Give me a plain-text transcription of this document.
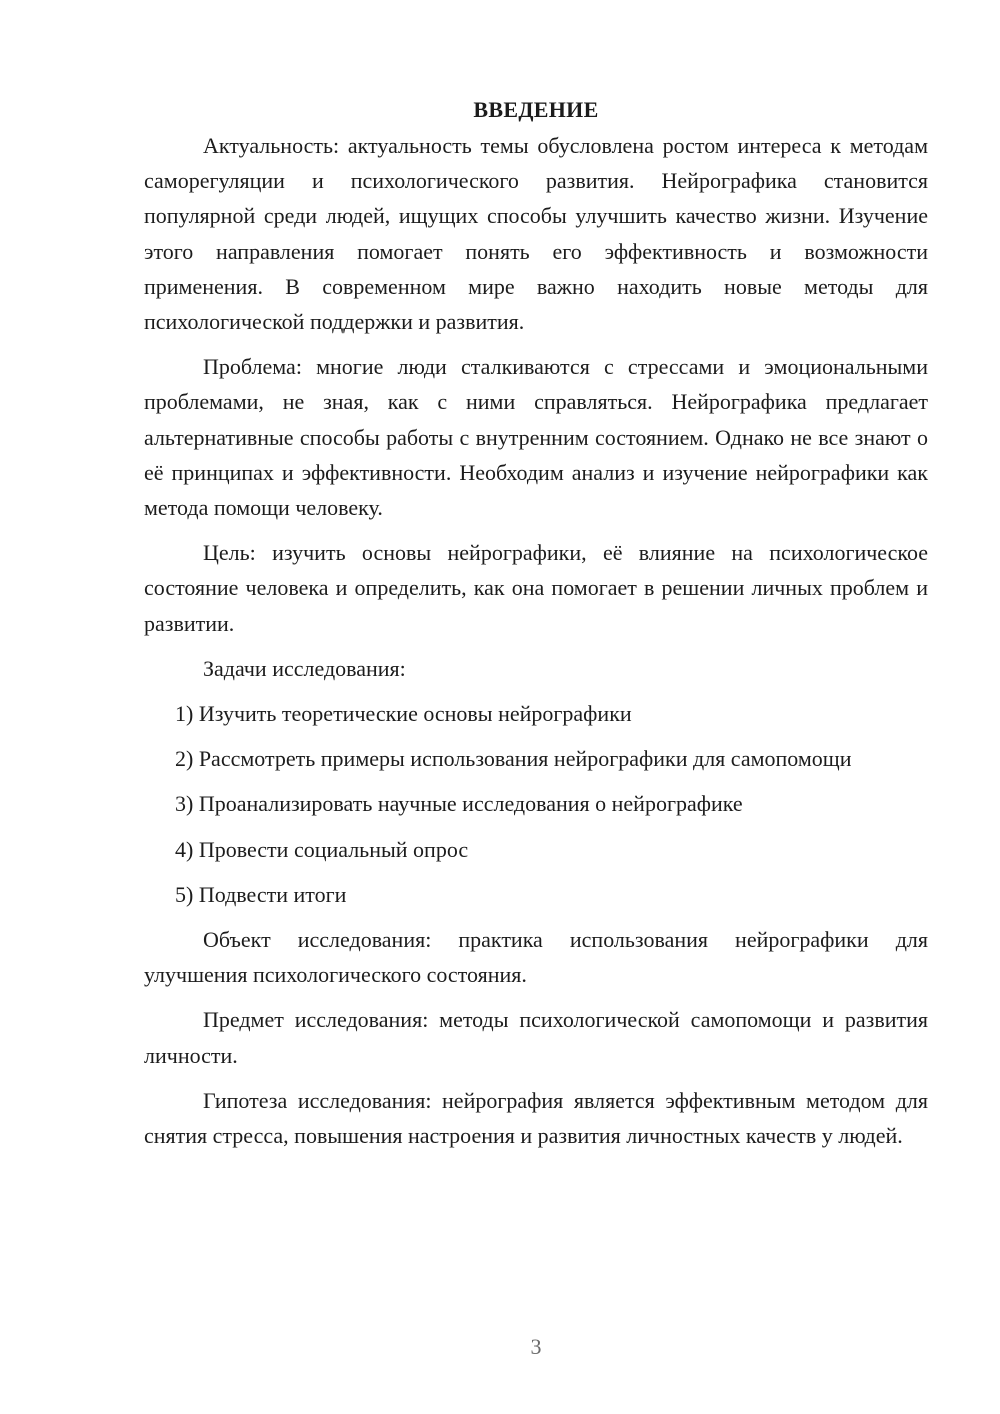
ВВЕДЕНИЕ

Актуальность: актуальность темы обусловлена ростом интереса к методам саморегуляции и психологического развития. Нейрографика становится популярной среди людей, ищущих способы улучшить качество жизни. Изучение этого направления помогает понять его эффективность и возможности применения. В современном мире важно находить новые методы для психологической поддержки и развития.

Проблема: многие люди сталкиваются с стрессами и эмоциональными проблемами, не зная, как с ними справляться. Нейрографика предлагает альтернативные способы работы с внутренним состоянием. Однако не все знают о её принципах и эффективности. Необходим анализ и изучение нейрографики как метода помощи человеку.

Цель: изучить основы нейрографики, её влияние на психологическое состояние человека и определить, как она помогает в решении личных проблем и развитии.

Задачи исследования:

1) Изучить теоретические основы нейрографики

2) Рассмотреть примеры использования нейрографики для самопомощи

3) Проанализировать научные исследования о нейрографике

4) Провести социальный опрос

5) Подвести итоги

Объект исследования: практика использования нейрографики для улучшения психологического состояния.

Предмет исследования: методы психологической самопомощи и развития личности.

Гипотеза исследования: нейрография является эффективным методом для снятия стресса, повышения настроения и развития личностных качеств у людей.

3
